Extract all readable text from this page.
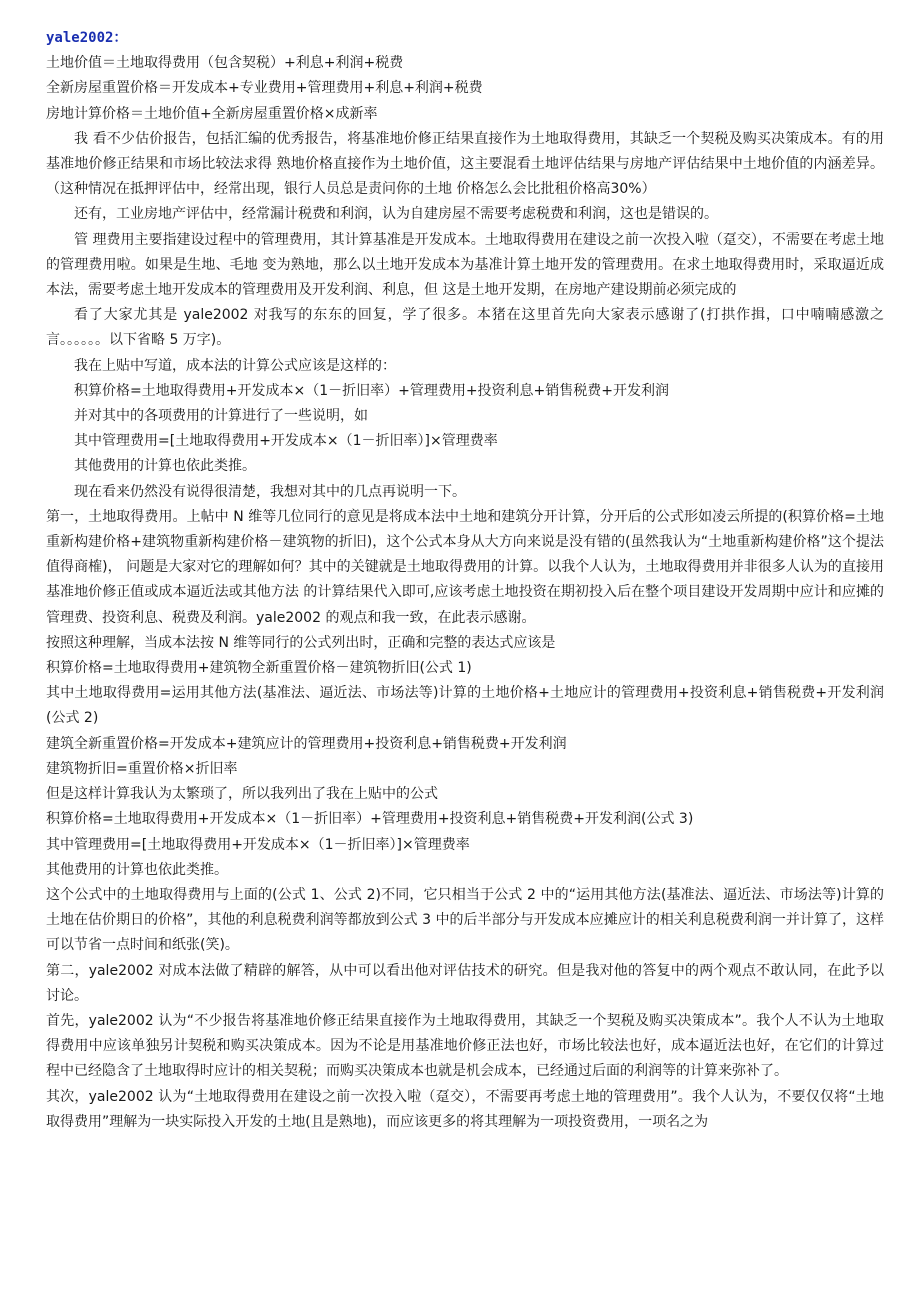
yale2002：

土地价值＝土地取得费用（包含契税）+利息+利润+税费

全新房屋重置价格＝开发成本+专业费用+管理费用+利息+利润+税费

房地计算价格＝土地价值+全新房屋重置价格×成新率

我 看不少估价报告，包括汇编的优秀报告，将基准地价修正结果直接作为土地取得费用，其缺乏一个契税及购买决策成本。有的用基准地价修正结果和市场比较法求得 熟地价格直接作为土地价值，这主要混看土地评估结果与房地产评估结果中土地价值的内涵差异。（这种情况在抵押评估中，经常出现，银行人员总是责问你的土地 价格怎么会比批租价格高30%）

还有，工业房地产评估中，经常漏计税费和利润，认为自建房屋不需要考虑税费和利润，这也是错误的。

管 理费用主要指建设过程中的管理费用，其计算基准是开发成本。土地取得费用在建设之前一次投入啦（趸交），不需要在考虑土地的管理费用啦。如果是生地、毛地 变为熟地，那么以土地开发成本为基准计算土地开发的管理费用。在求土地取得费用时，采取逼近成本法，需要考虑土地开发成本的管理费用及开发利润、利息，但 这是土地开发期，在房地产建设期前必须完成的

看了大家尤其是 yale2002 对我写的东东的回复，学了很多。本猪在这里首先向大家表示感谢了(打拱作揖，口中喃喃感激之言。。。。。。以下省略 5 万字)。

我在上贴中写道，成本法的计算公式应该是这样的：

积算价格=土地取得费用+开发成本×（1－折旧率）+管理费用+投资利息+销售税费+开发利润

并对其中的各项费用的计算进行了一些说明，如

其中管理费用=[土地取得费用+开发成本×（1－折旧率）]×管理费率

其他费用的计算也依此类推。

现在看来仍然没有说得很清楚，我想对其中的几点再说明一下。

第一，土地取得费用。上帖中 N 维等几位同行的意见是将成本法中土地和建筑分开计算，分开后的公式形如凌云所提的(积算价格=土地重新构建价格+建筑物重新构建价格－建筑物的折旧)，这个公式本身从大方向来说是没有错的(虽然我认为“土地重新构建价格”这个提法值得商榷)， 问题是大家对它的理解如何？其中的关键就是土地取得费用的计算。以我个人认为，土地取得费用并非很多人认为的直接用基准地价修正值或成本逼近法或其他方法 的计算结果代入即可,应该考虑土地投资在期初投入后在整个项目建设开发周期中应计和应摊的管理费、投资利息、税费及利润。yale2002 的观点和我一致，在此表示感谢。

按照这种理解，当成本法按 N 维等同行的公式列出时，正确和完整的表达式应该是

积算价格=土地取得费用+建筑物全新重置价格－建筑物折旧(公式 1)

其中土地取得费用=运用其他方法(基准法、逼近法、市场法等)计算的土地价格+土地应计的管理费用+投资利息+销售税费+开发利润(公式 2)

建筑全新重置价格=开发成本+建筑应计的管理费用+投资利息+销售税费+开发利润

建筑物折旧=重置价格×折旧率

但是这样计算我认为太繁琐了，所以我列出了我在上贴中的公式

积算价格=土地取得费用+开发成本×（1－折旧率）+管理费用+投资利息+销售税费+开发利润(公式 3)

其中管理费用=[土地取得费用+开发成本×（1－折旧率）]×管理费率

其他费用的计算也依此类推。

这个公式中的土地取得费用与上面的(公式 1、公式 2)不同，它只相当于公式 2 中的“运用其他方法(基准法、逼近法、市场法等)计算的土地在估价期日的价格”，其他的利息税费利润等都放到公式 3 中的后半部分与开发成本应摊应计的相关利息税费利润一并计算了，这样可以节省一点时间和纸张(笑)。

第二，yale2002 对成本法做了精辟的解答，从中可以看出他对评估技术的研究。但是我对他的答复中的两个观点不敢认同，在此予以讨论。

首先，yale2002 认为“不少报告将基准地价修正结果直接作为土地取得费用，其缺乏一个契税及购买决策成本”。我个人不认为土地取得费用中应该单独另计契税和购买决策成本。因为不论是用基准地价修正法也好，市场比较法也好，成本逼近法也好，在它们的计算过程中已经隐含了土地取得时应计的相关契税；而购买决策成本也就是机会成本，已经通过后面的利润等的计算来弥补了。

其次，yale2002 认为“土地取得费用在建设之前一次投入啦（趸交），不需要再考虑土地的管理费用”。我个人认为，不要仅仅将“土地取得费用”理解为一块实际投入开发的土地(且是熟地)，而应该更多的将其理解为一项投资费用，一项名之为
